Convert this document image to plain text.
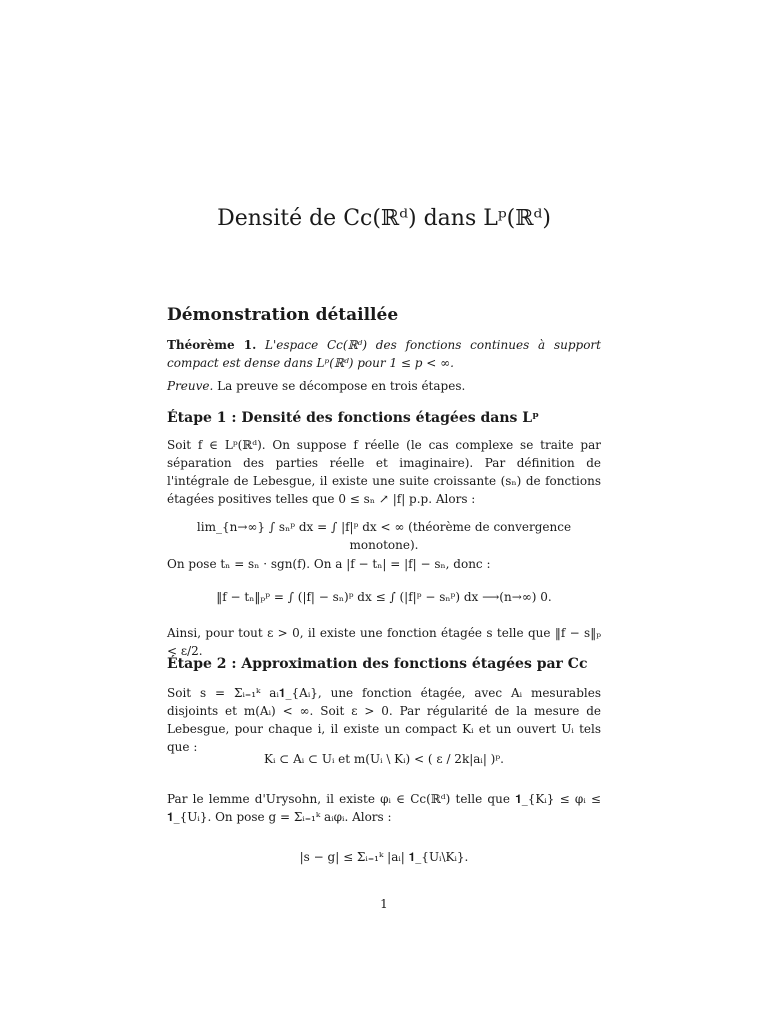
Densité de Cc(ℝᵈ) dans Lᵖ(ℝᵈ)
Démonstration détaillée
Théorème 1. L'espace Cc(ℝᵈ) des fonctions continues à support compact est dense dans Lᵖ(ℝᵈ) pour 1 ≤ p < ∞.
Preuve. La preuve se décompose en trois étapes.
Étape 1 : Densité des fonctions étagées dans Lᵖ
Soit f ∈ Lᵖ(ℝᵈ). On suppose f réelle (le cas complexe se traite par séparation des parties réelle et imaginaire). Par définition de l'intégrale de Lebesgue, il existe une suite croissante (sₙ) de fonctions étagées positives telles que 0 ≤ sₙ ↗ |f| p.p. Alors :
lim_{n→∞} ∫ sₙᵖ dx = ∫ |f|ᵖ dx < ∞ (théorème de convergence monotone).
On pose tₙ = sₙ · sgn(f). On a |f − tₙ| = |f| − sₙ, donc :
‖f − tₙ‖ₚᵖ = ∫ (|f| − sₙ)ᵖ dx ≤ ∫ (|f|ᵖ − sₙᵖ) dx ⟶(n→∞) 0.
Ainsi, pour tout ε > 0, il existe une fonction étagée s telle que ‖f − s‖ₚ < ε/2.
Étape 2 : Approximation des fonctions étagées par Cc
Soit s = Σᵢ₌₁ᵏ aᵢ𝟏_{Aᵢ}, une fonction étagée, avec Aᵢ mesurables disjoints et m(Aᵢ) < ∞. Soit ε > 0. Par régularité de la mesure de Lebesgue, pour chaque i, il existe un compact Kᵢ et un ouvert Uᵢ tels que :
Kᵢ ⊂ Aᵢ ⊂ Uᵢ et m(Uᵢ \ Kᵢ) < ( ε / 2k|aᵢ| )ᵖ.
Par le lemme d'Urysohn, il existe φᵢ ∈ Cc(ℝᵈ) telle que 𝟏_{Kᵢ} ≤ φᵢ ≤ 𝟏_{Uᵢ}. On pose g = Σᵢ₌₁ᵏ aᵢφᵢ. Alors :
|s − g| ≤ Σᵢ₌₁ᵏ |aᵢ| 𝟏_{Uᵢ\Kᵢ}.
1
